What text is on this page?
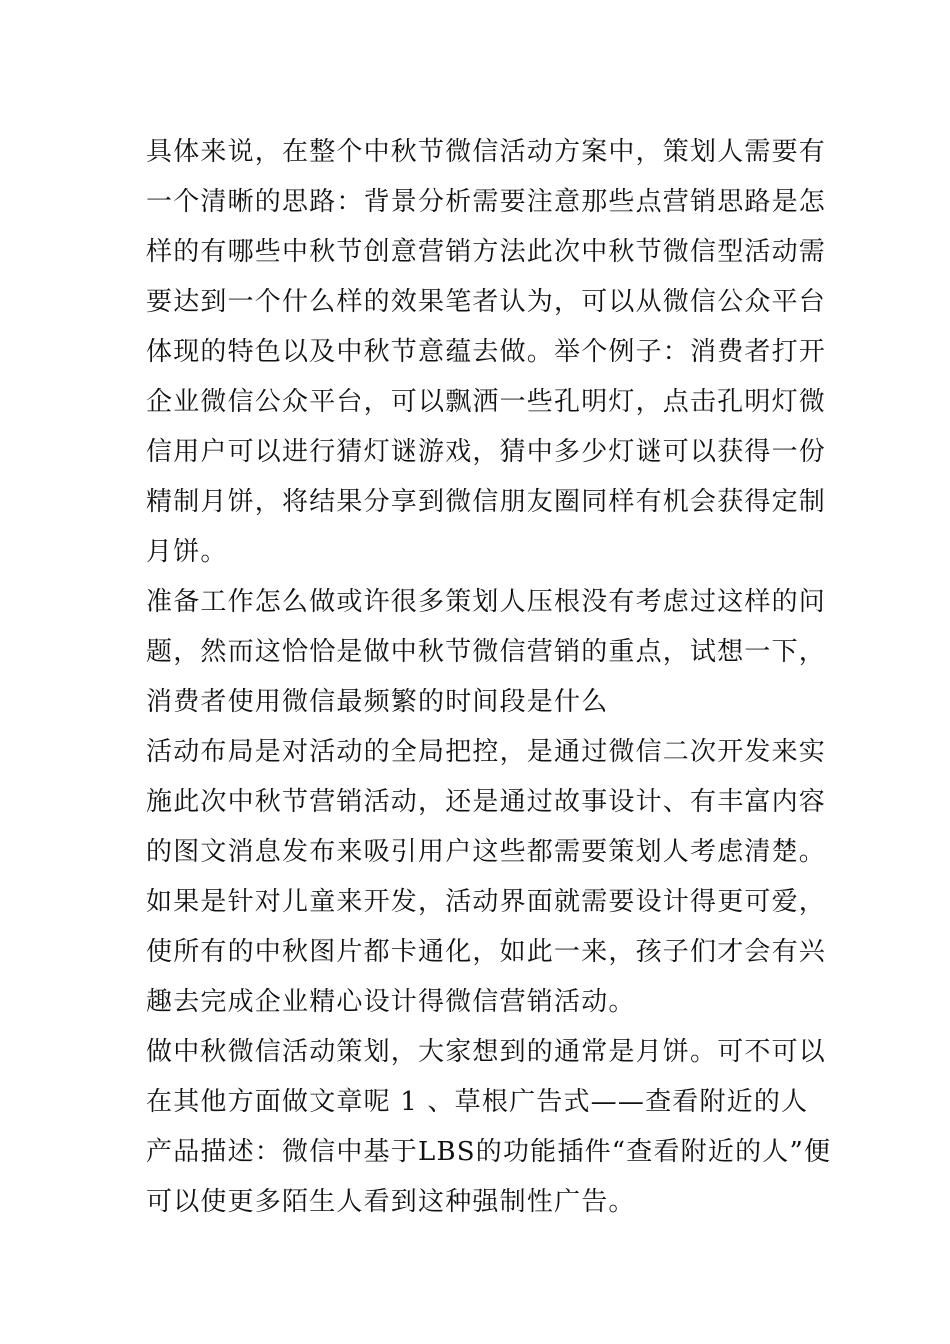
具体来说，在整个中秋节微信活动方案中，策划人需要有
一个清晰的思路：背景分析需要注意那些点营销思路是怎
样的有哪些中秋节创意营销方法此次中秋节微信型活动需
要达到一个什么样的效果笔者认为，可以从微信公众平台
体现的特色以及中秋节意蕴去做。举个例子：消费者打开
企业微信公众平台，可以飘洒一些孔明灯，点击孔明灯微
信用户可以进行猜灯谜游戏，猜中多少灯谜可以获得一份
精制月饼，将结果分享到微信朋友圈同样有机会获得定制
月饼。
准备工作怎么做或许很多策划人压根没有考虑过这样的问
题，然而这恰恰是做中秋节微信营销的重点，试想一下，
消费者使用微信最频繁的时间段是什么
活动布局是对活动的全局把控，是通过微信二次开发来实
施此次中秋节营销活动，还是通过故事设计、有丰富内容
的图文消息发布来吸引用户这些都需要策划人考虑清楚。
如果是针对儿童来开发，活动界面就需要设计得更可爱，
使所有的中秋图片都卡通化，如此一来，孩子们才会有兴
趣去完成企业精心设计得微信营销活动。
做中秋微信活动策划，大家想到的通常是月饼。可不可以
在其他方面做文章呢 1 、草根广告式——查看附近的人
产品描述：微信中基于LBS的功能插件“查看附近的人”便
可以使更多陌生人看到这种强制性广告。
